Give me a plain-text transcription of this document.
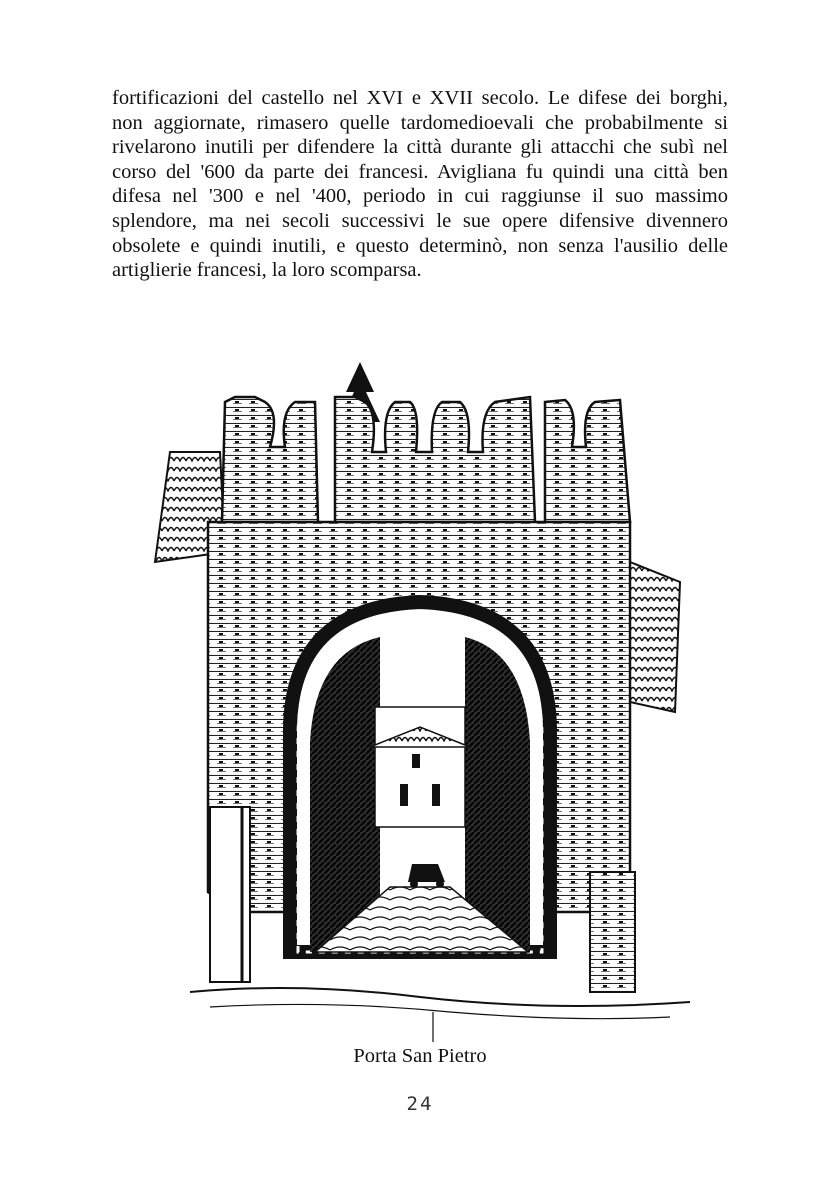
fortificazioni del castello nel XVI e XVII secolo. Le difese dei borghi,
non aggiornate, rimasero quelle tardomedioevali che probabilmente si
rivelarono inutili per difendere la città durante gli attacchi che subì nel
corso del '600 da parte dei francesi. Avigliana fu quindi una città ben
difesa nel '300 e nel '400, periodo in cui raggiunse il suo massimo
splendore, ma nei secoli successivi le sue opere difensive divennero
obsolete e quindi inutili, e questo determinò, non senza l'ausilio delle
artiglierie francesi, la loro scomparsa.
Porta San Pietro
24
